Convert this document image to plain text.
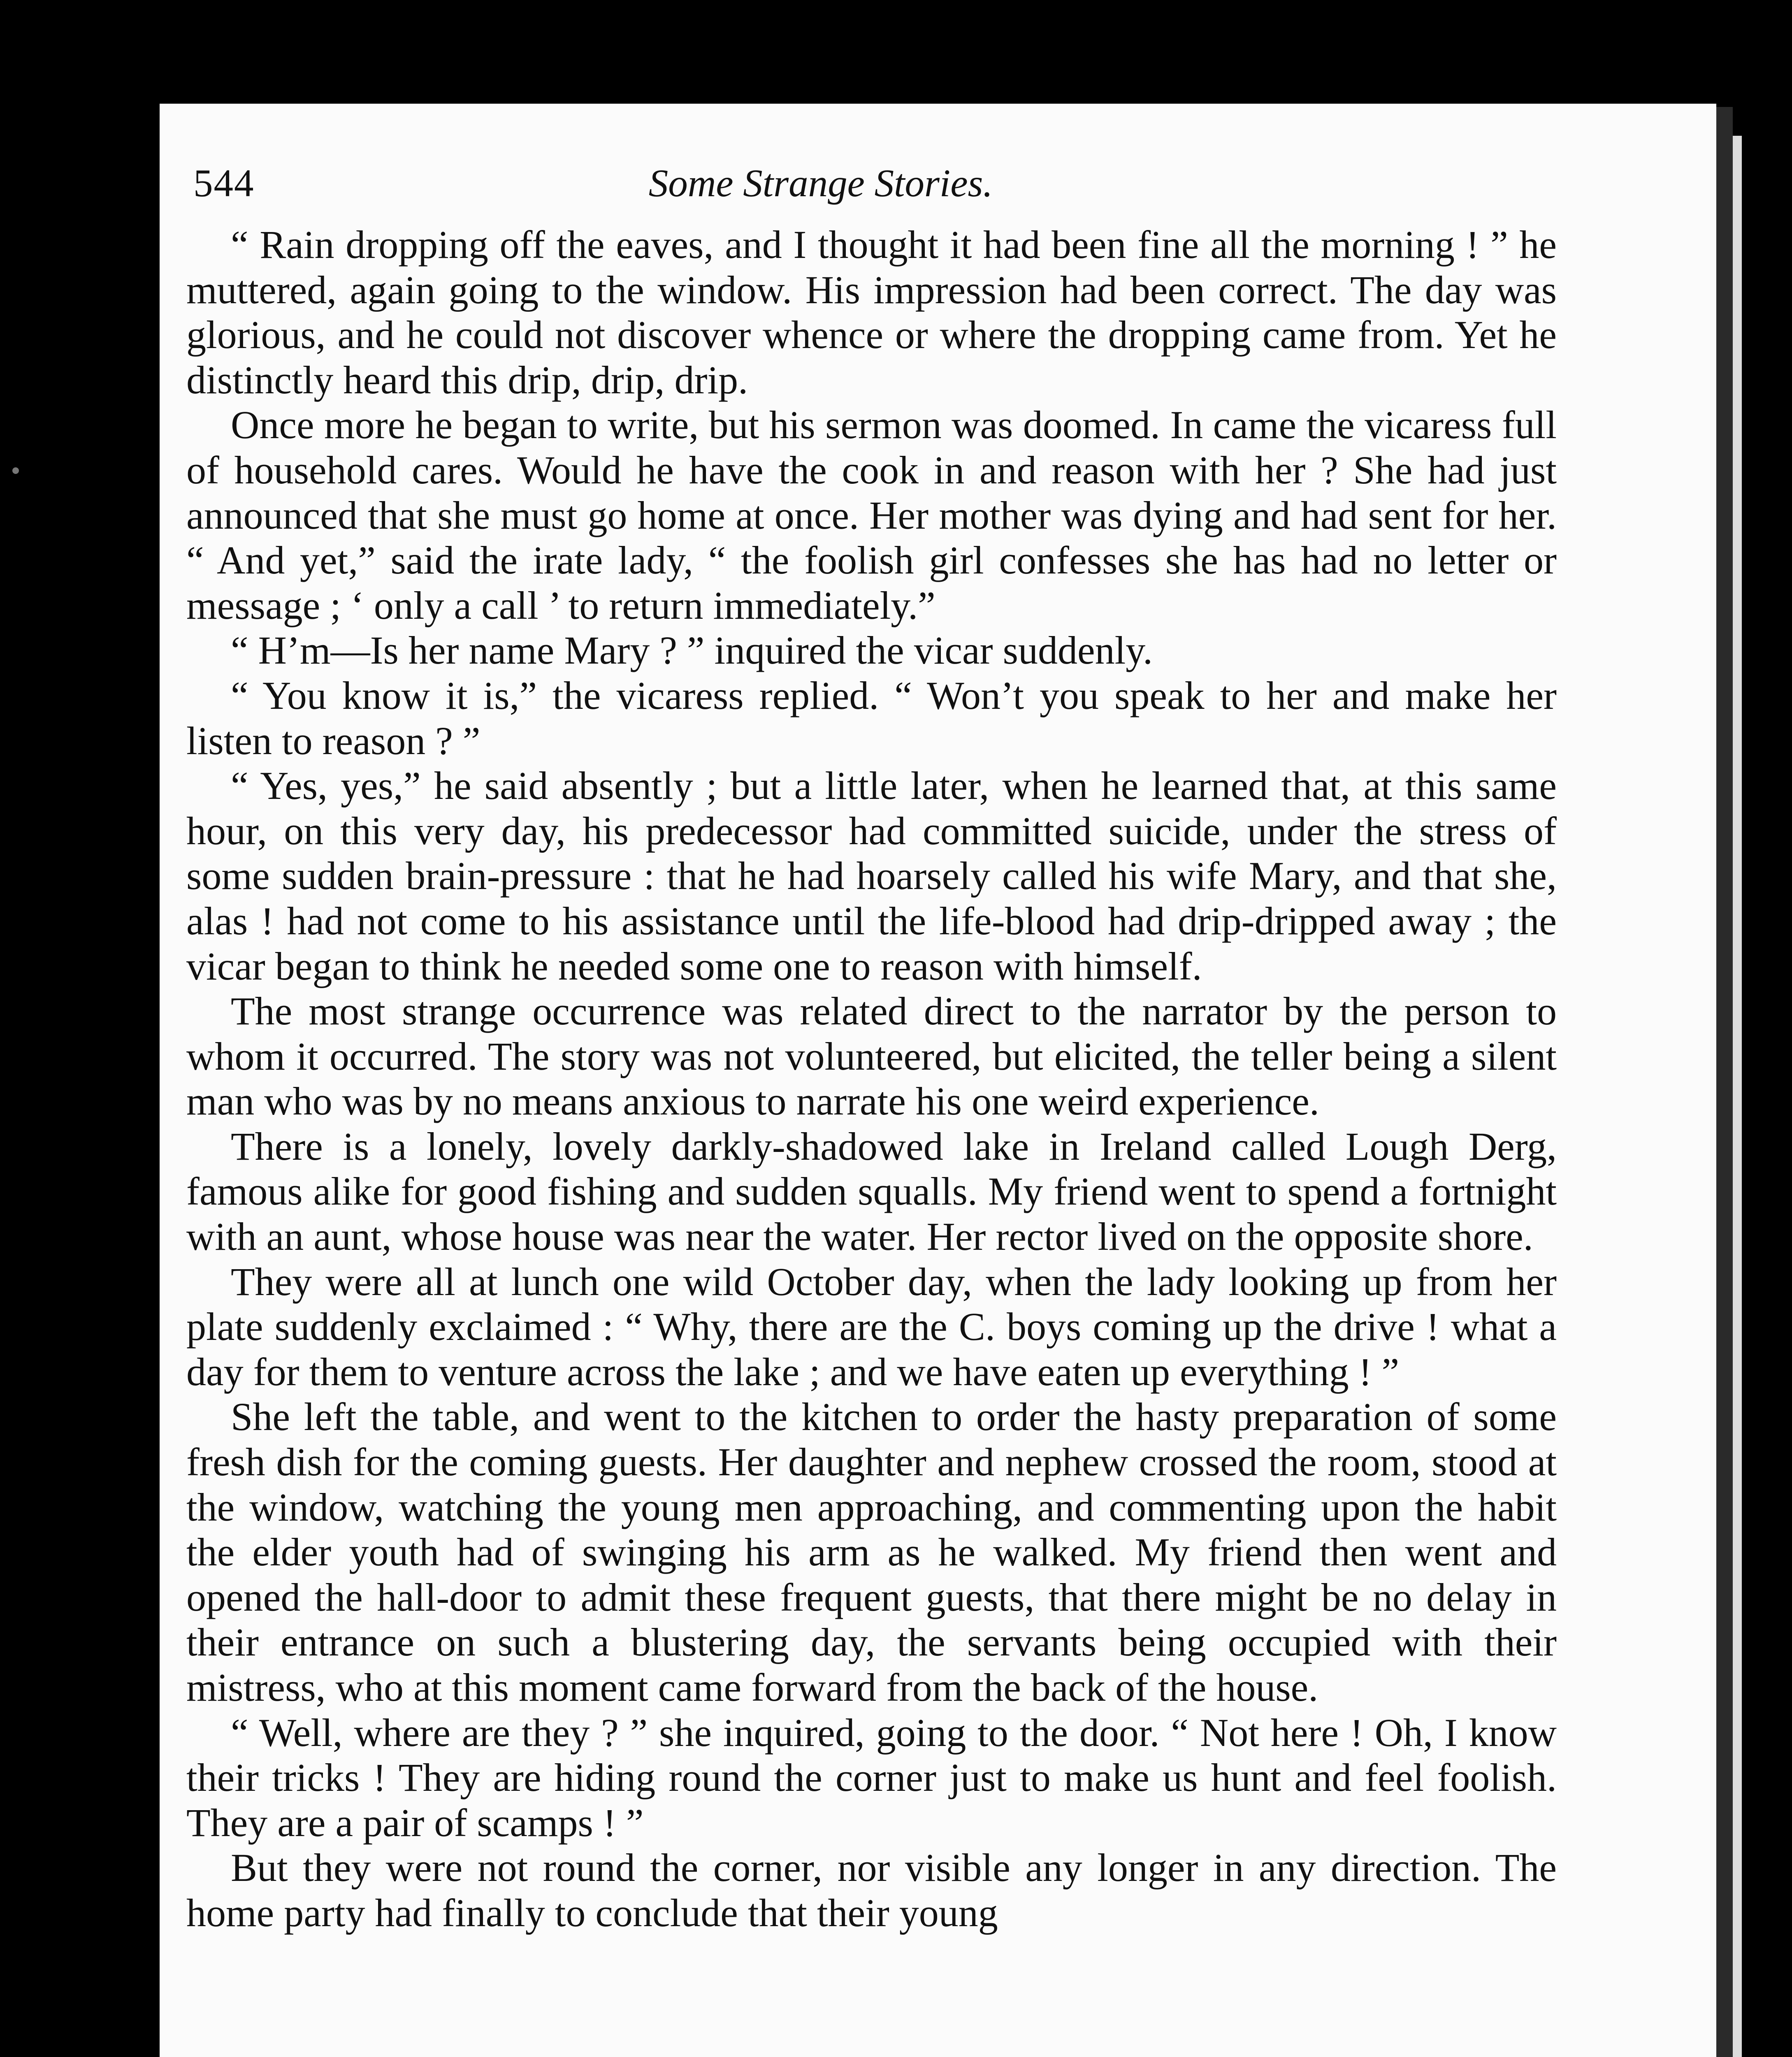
544	Some Strange Stories.

“ Rain dropping off the eaves, and I thought it had been fine all the morning ! ” he muttered, again going to the window. His impression had been correct. The day was glorious, and he could not discover whence or where the dropping came from. Yet he distinctly heard this drip, drip, drip.

Once more he began to write, but his sermon was doomed. In came the vicaress full of household cares. Would he have the cook in and reason with her ? She had just announced that she must go home at once. Her mother was dying and had sent for her. “ And yet,” said the irate lady, “ the foolish girl confesses she has had no letter or message ; ‘ only a call ’ to return immediately.”

“ H’m—Is her name Mary ? ” inquired the vicar suddenly.

“ You know it is,” the vicaress replied. “ Won’t you speak to her and make her listen to reason ? ”

“ Yes, yes,” he said absently ; but a little later, when he learned that, at this same hour, on this very day, his predecessor had committed suicide, under the stress of some sudden brain-pressure : that he had hoarsely called his wife Mary, and that she, alas ! had not come to his assistance until the life-blood had drip-dripped away ; the vicar began to think he needed some one to reason with himself.

The most strange occurrence was related direct to the narrator by the person to whom it occurred. The story was not volunteered, but elicited, the teller being a silent man who was by no means anxious to narrate his one weird experience.

There is a lonely, lovely darkly-shadowed lake in Ireland called Lough Derg, famous alike for good fishing and sudden squalls. My friend went to spend a fortnight with an aunt, whose house was near the water. Her rector lived on the opposite shore.

They were all at lunch one wild October day, when the lady looking up from her plate suddenly exclaimed : “ Why, there are the C. boys coming up the drive ! what a day for them to venture across the lake ; and we have eaten up everything ! ”

She left the table, and went to the kitchen to order the hasty preparation of some fresh dish for the coming guests. Her daughter and nephew crossed the room, stood at the window, watching the young men approaching, and commenting upon the habit the elder youth had of swinging his arm as he walked. My friend then went and opened the hall-door to admit these frequent guests, that there might be no delay in their entrance on such a blustering day, the servants being occupied with their mistress, who at this moment came forward from the back of the house.

“ Well, where are they ? ” she inquired, going to the door. “ Not here ! Oh, I know their tricks ! They are hiding round the corner just to make us hunt and feel foolish. They are a pair of scamps ! ”

But they were not round the corner, nor visible any longer in any direction. The home party had finally to conclude that their young
